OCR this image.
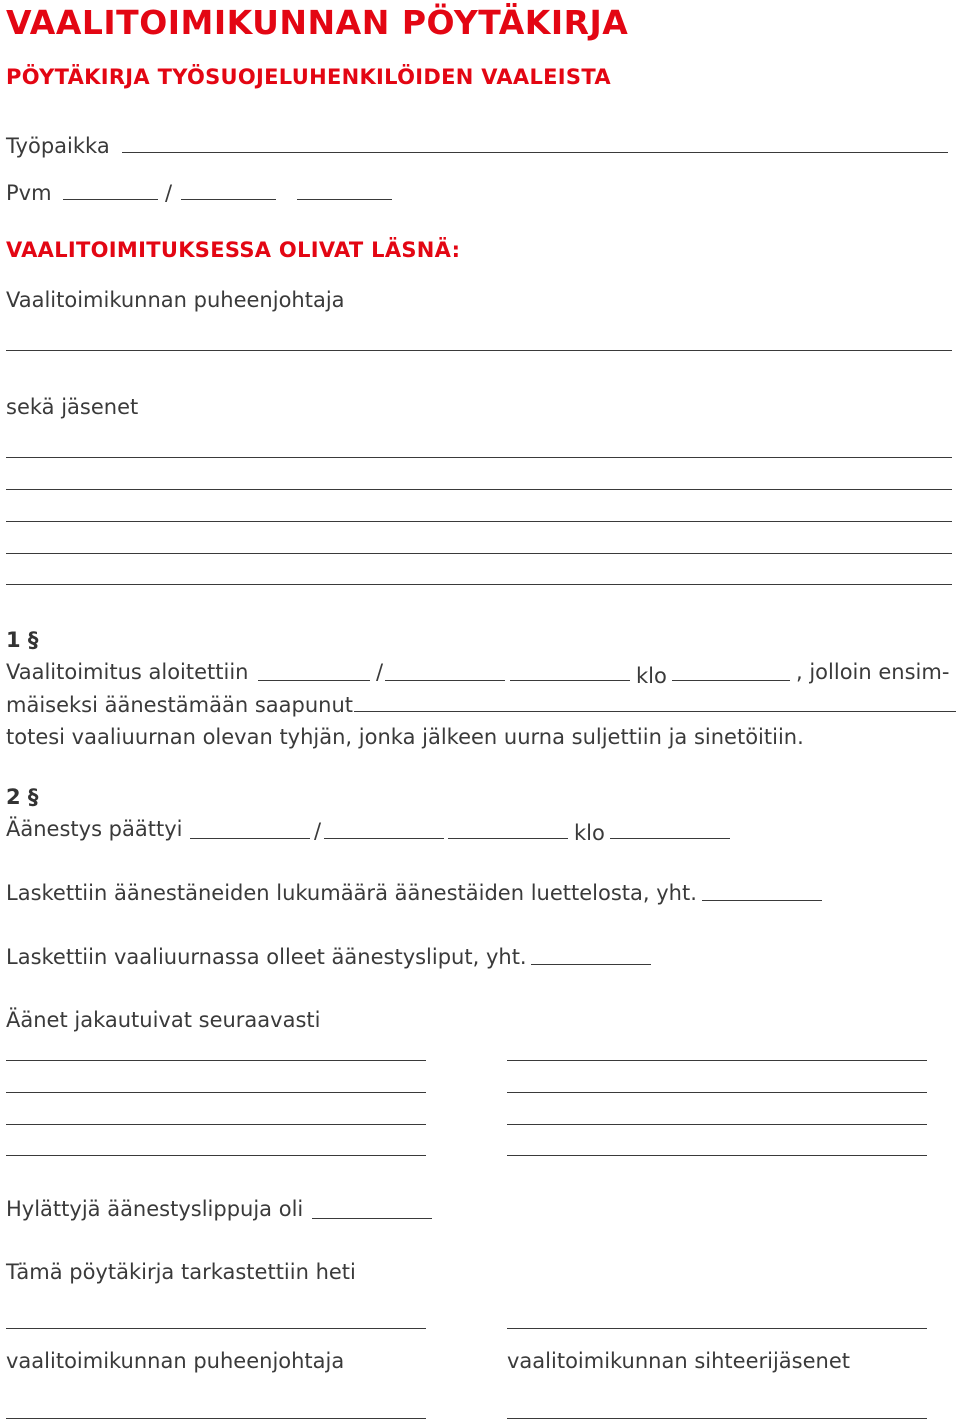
VAALITOIMIKUNNAN PÖYTÄKIRJA
PÖYTÄKIRJA TYÖSUOJELUHENKILÖIDEN VAALEISTA
Työpaikka
Pvm	/
VAALITOIMITUKSESSA OLIVAT LÄSNÄ:
Vaalitoimikunnan puheenjohtaja
sekä jäsenet
1 §
Vaalitoimitus aloitettiin	/	klo	, jolloin ensim-
mäiseksi äänestämään saapunut
totesi vaaliuurnan olevan tyhjän, jonka jälkeen uurna suljettiin ja sinetöitiin.
2 §
Äänestys päättyi	/	klo
Laskettiin äänestäneiden lukumäärä äänestäiden luettelosta, yht.
Laskettiin vaaliuurnassa olleet äänestysliput, yht.
Äänet jakautuivat seuraavasti
Hylättyjä äänestyslippuja oli
Tämä pöytäkirja tarkastettiin heti
vaalitoimikunnan puheenjohtaja	vaalitoimikunnan sihteerijäsenet
